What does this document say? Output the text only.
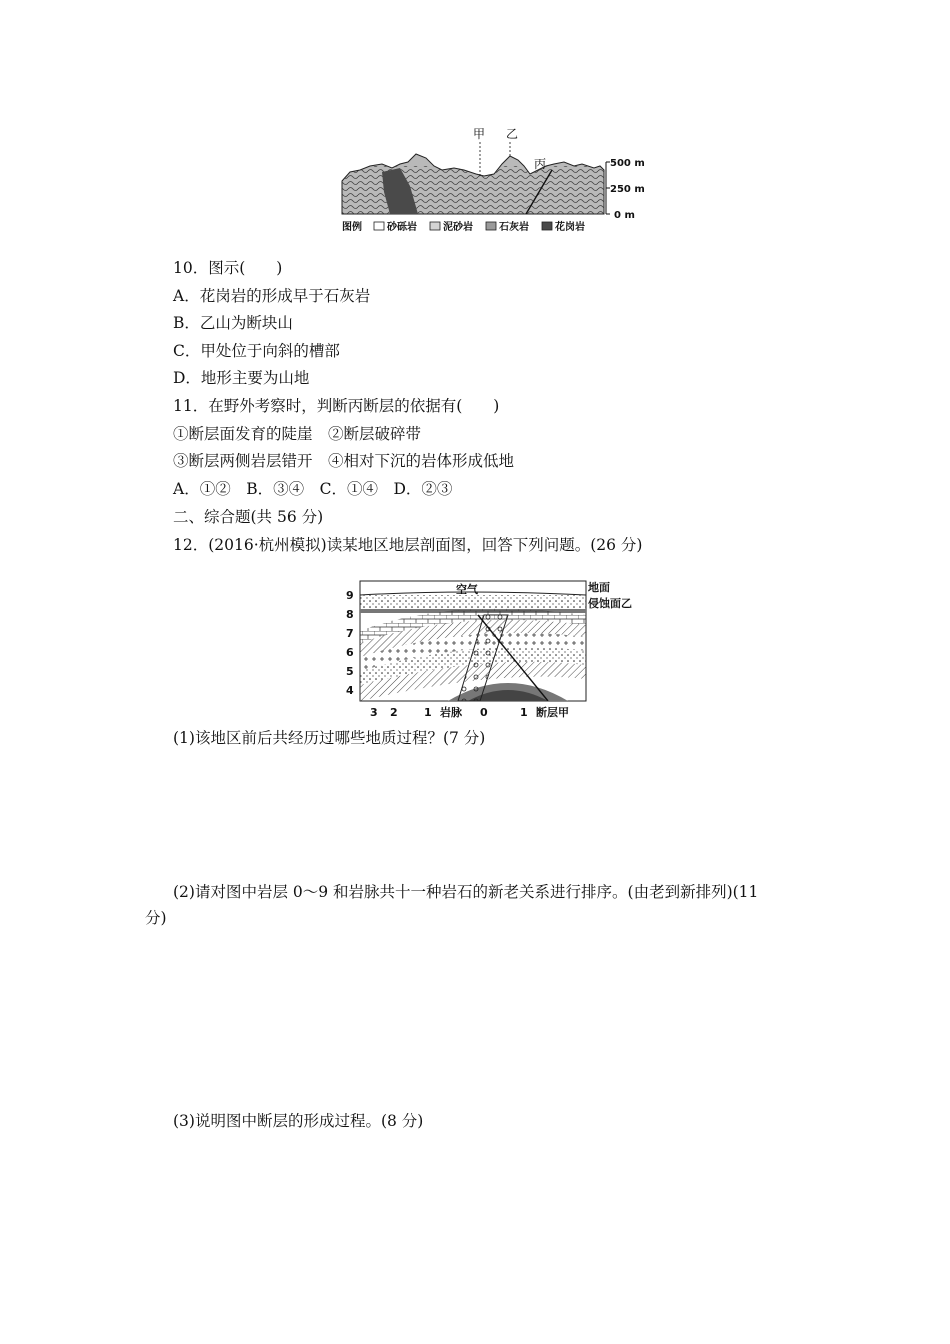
甲 乙
丙	500 m
250 m
0 m
图例	砂砾岩	泥砂岩	石灰岩	花岗岩
10．图示(　　)
A．花岗岩的形成早于石灰岩
B．乙山为断块山
C．甲处位于向斜的槽部
D．地形主要为山地
11．在野外考察时，判断丙断层的依据有(　　)
①断层面发育的陡崖　②断层破碎带
③断层两侧岩层错开　④相对下沉的岩体形成低地
A．①②　B．③④　C．①④　D．②③
二、综合题(共 56 分)
12．(2016·杭州模拟)读某地区地层剖面图，回答下列问题。(26 分)
空气	地面
侵蚀面乙
9
8
7
6
5
4
3 2 1 岩脉 0	1 断层甲
(1)该地区前后共经历过哪些地质过程？(7 分)
(2)请对图中岩层 0～9 和岩脉共十一种岩石的新老关系进行排序。(由老到新排列)(11
分)
(3)说明图中断层的形成过程。(8 分)
